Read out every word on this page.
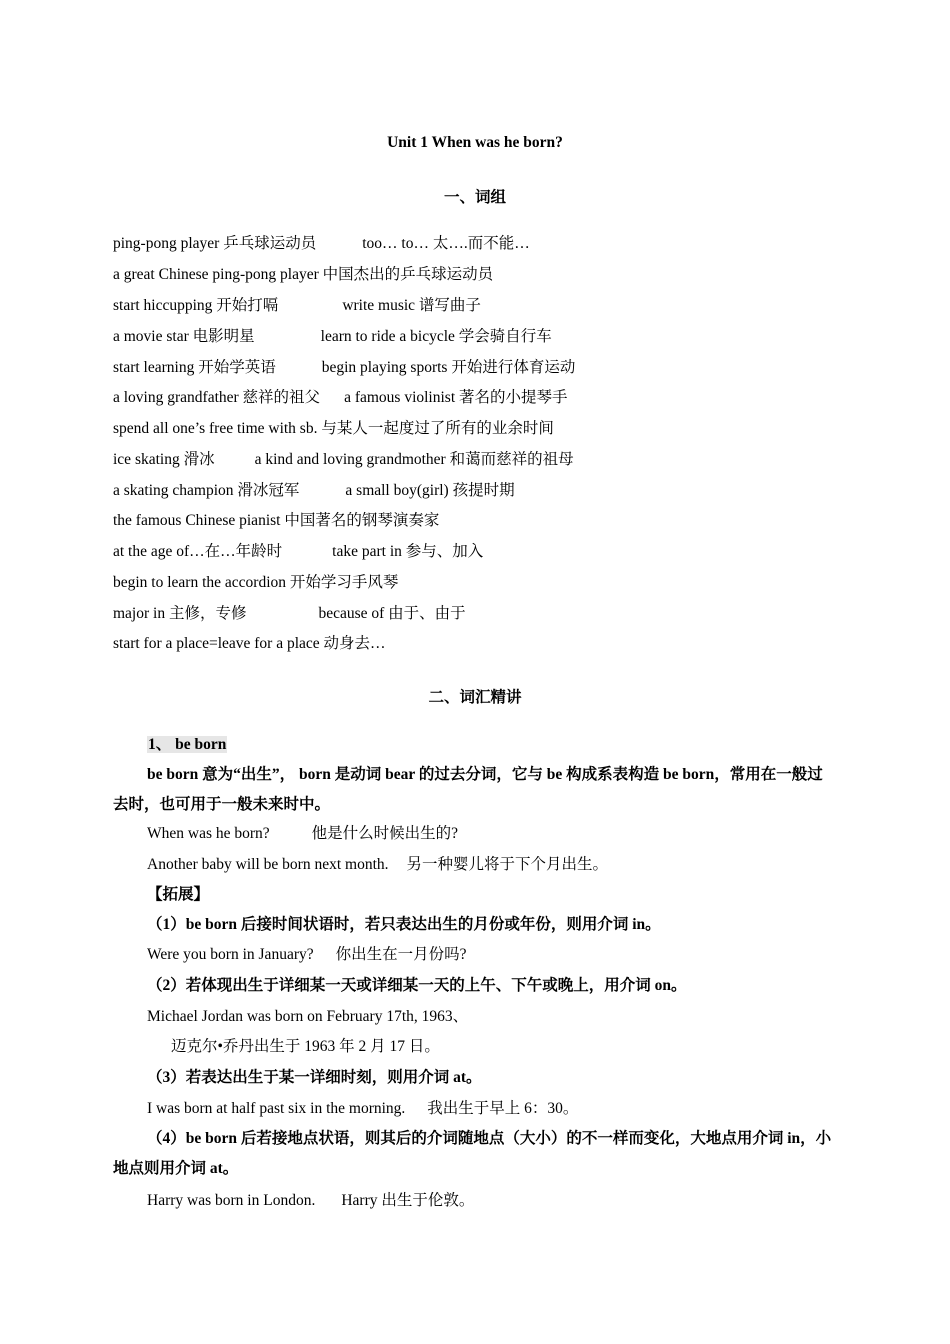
Unit 1 When was he born?
一、词组
ping-pong player 乒乓球运动员	too… to… 太….而不能…
a great Chinese ping-pong player 中国杰出的乒乓球运动员
start hiccupping 开始打嗝	write music 谱写曲子
a movie star 电影明星	learn to ride a bicycle 学会骑自行车
start learning 开始学英语	begin playing sports 开始进行体育运动
a loving grandfather 慈祥的祖父 a famous violinist 著名的小提琴手
spend all one’s free time with sb. 与某人一起度过了所有的业余时间
ice skating 滑冰	a kind and loving grandmother 和蔼而慈祥的祖母
a skating champion 滑冰冠军	a small boy(girl) 孩提时期
the famous Chinese pianist 中国著名的钢琴演奏家
at the age of…在…年龄时	take part in 参与、加入
begin to learn the accordion 开始学习手风琴
major in 主修，专修	because of 由于、由于
start for a place=leave for a place 动身去…
二、词汇精讲
1、 be born
be born 意为“出生”， born 是动词 bear 的过去分词，它与 be 构成系表构造 be born，常用在一般过去时，也可用于一般未来时中。
When was he born?	他是什么时候出生的?
Another baby will be born next month. 另一种婴儿将于下个月出生。
【拓展】
（1）be born 后接时间状语时，若只表达出生的月份或年份，则用介词 in。
Were you born in January? 你出生在一月份吗?
（2）若体现出生于详细某一天或详细某一天的上午、下午或晚上，用介词 on。
Michael Jordan was born on February 17th, 1963、
迈克尔•乔丹出生于 1963 年 2 月 17 日。
（3）若表达出生于某一详细时刻，则用介词 at。
I was born at half past six in the morning. 我出生于早上 6：30。
（4）be born 后若接地点状语，则其后的介词随地点（大小）的不一样而变化，大地点用介词 in，小地点则用介词 at。
Harry was born in London. Harry 出生于伦敦。
